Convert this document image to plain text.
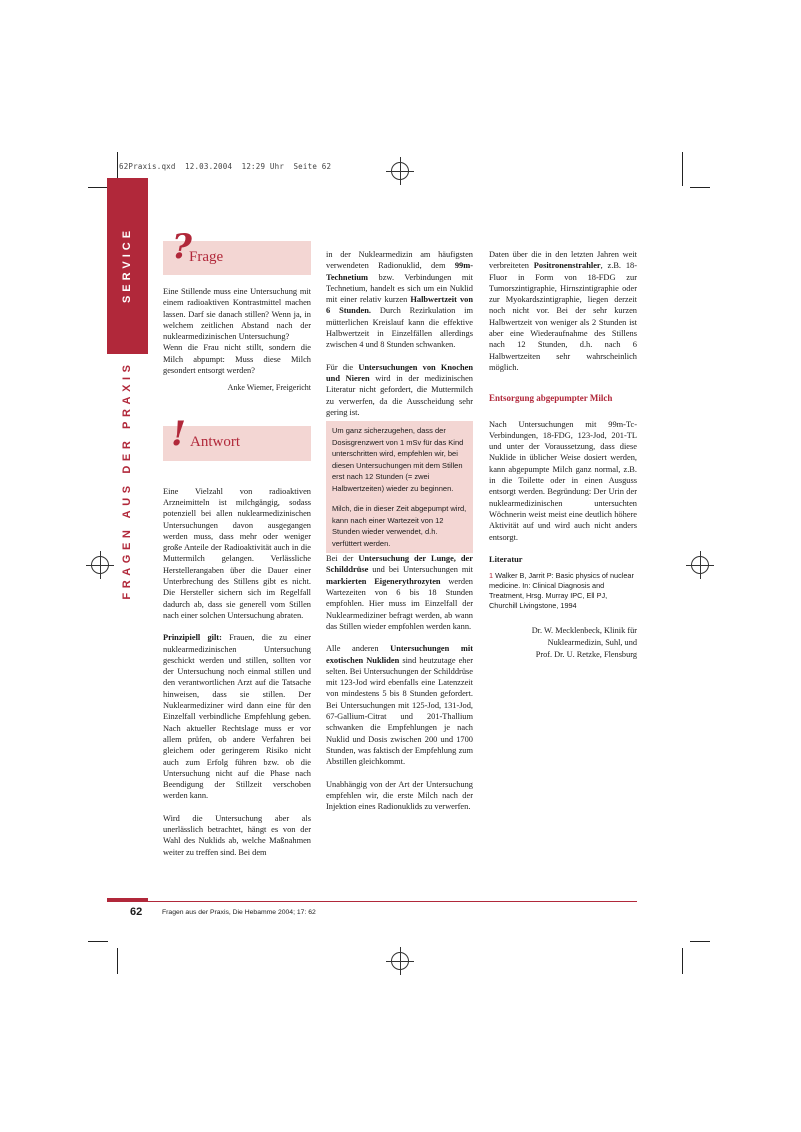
62Praxis.qxd  12.03.2004  12:29 Uhr  Seite 62
SERVICE
FRAGEN AUS DER PRAXIS
?
Frage
! Antwort
Eine Stillende muss eine Untersuchung mit einem radioaktiven Kontrastmittel machen lassen. Darf sie danach stillen? Wenn ja, in welchem zeitlichen Abstand nach der nuklearmedizinischen Untersuchung?
Wenn die Frau nicht stillt, sondern die Milch abpumpt: Muss diese Milch gesondert entsorgt werden?
Anke Wiemer, Freigericht

Eine Vielzahl von radioaktiven Arzneimitteln ist milchgängig, sodass potenziell bei allen nuklearmedizinischen Untersuchungen davon ausgegangen werden muss, dass mehr oder weniger große Anteile der Radioaktivität auch in die Muttermilch gelangen. Verlässliche Herstellerangaben über die Dauer einer Unterbrechung des Stillens gibt es nicht. Die Hersteller sichern sich im Regelfall dadurch ab, dass sie generell vom Stillen nach einer solchen Untersuchung abraten.

Prinzipiell gilt: Frauen, die zu einer nuklearmedizinischen Untersuchung geschickt werden und stillen, sollten vor der Untersuchung noch einmal stillen und den verantwortlichen Arzt auf die Tatsache hinweisen, dass sie stillen. Der Nuklearmediziner wird dann eine für den Einzelfall verbindliche Empfehlung geben. Nach aktueller Rechtslage muss er vor allem prüfen, ob andere Verfahren bei gleichem oder geringerem Risiko nicht auch zum Erfolg führen bzw. ob die Untersuchung nicht auf die Phase nach Beendigung der Stillzeit verschoben werden kann.

Wird die Untersuchung aber als unerlässlich betrachtet, hängt es von der Wahl des Nuklids ab, welche Maßnahmen weiter zu treffen sind. Bei dem

in der Nuklearmedizin am häufigsten verwendeten Radionuklid, dem 99m-Technetium bzw. Verbindungen mit Technetium, handelt es sich um ein Nuklid mit einer relativ kurzen Halbwertzeit von 6 Stunden. Durch Rezirkulation im mütterlichen Kreislauf kann die effektive Halbwertzeit in Einzelfällen allerdings zwischen 4 und 8 Stunden schwanken.

Für die Untersuchungen von Knochen und Nieren wird in der medizinischen Literatur nicht gefordert, die Muttermilch zu verwerfen, da die Ausscheidung sehr gering ist.

Um ganz sicherzugehen, dass der Dosisgrenzwert von 1 mSv für das Kind unterschritten wird, empfehlen wir, bei diesen Untersuchungen mit dem Stillen erst nach 12 Stunden (= zwei Halbwertzeiten) wieder zu beginnen.

Milch, die in dieser Zeit abgepumpt wird, kann nach einer Wartezeit von 12 Stunden wieder verwendet, d.h. verfüttert werden.

Bei der Untersuchung der Lunge, der Schilddrüse und bei Untersuchungen mit markierten Eigenerythrozyten werden Wartezeiten von 6 bis 18 Stunden empfohlen. Hier muss im Einzelfall der Nuklearmediziner befragt werden, ab wann das Stillen wieder empfohlen werden kann.

Alle anderen Untersuchungen mit exotischen Nukliden sind heutzutage eher selten. Bei Untersuchungen der Schilddrüse mit 123-Jod wird ebenfalls eine Latenzzeit von mindestens 5 bis 8 Stunden gefordert. Bei Untersuchungen mit 125-Jod, 131-Jod, 67-Gallium-Citrat und 201-Thallium schwanken die Empfehlungen je nach Nuklid und Dosis zwischen 200 und 1700 Stunden, was faktisch der Empfehlung zum Abstillen gleichkommt.

Unabhängig von der Art der Untersuchung empfehlen wir, die erste Milch nach der Injektion eines Radionuklids zu verwerfen.

Daten über die in den letzten Jahren weit verbreiteten Positronenstrahler, z.B. 18-Fluor in Form von 18-FDG zur Tumorszintigraphie, Hirnszintigraphie oder zur Myokardszintigraphie, liegen derzeit noch nicht vor. Bei der sehr kurzen Halbwertzeit von weniger als 2 Stunden ist aber eine Wiederaufnahme des Stillens nach 12 Stunden, d.h. nach 6 Halbwertzeiten sehr wahrscheinlich möglich.

Entsorgung abgepumpter Milch

Nach Untersuchungen mit 99m-Tc-Verbindungen, 18-FDG, 123-Jod, 201-TL und unter der Voraussetzung, dass diese Nuklide in üblicher Weise dosiert werden, kann abgepumpte Milch ganz normal, z.B. in die Toilette oder in einen Ausguss entsorgt werden. Begründung: Der Urin der nuklearmedizinischen untersuchten Wöchnerin weist meist eine deutlich höhere Aktivität auf und wird auch nicht anders entsorgt.

Literatur

1 Walker B, Jarrit P: Basic physics of nuclear medicine. In: Clinical Diagnosis and Treatment, Hrsg. Murray IPC, Ell PJ, Churchill Livingstone, 1994
Dr. W. Mecklenbeck, Klinik für
Nuklearmedizin, Suhl, und
Prof. Dr. U. Retzke, Flensburg
62	Fragen aus der Praxis, Die Hebamme 2004; 17: 62
